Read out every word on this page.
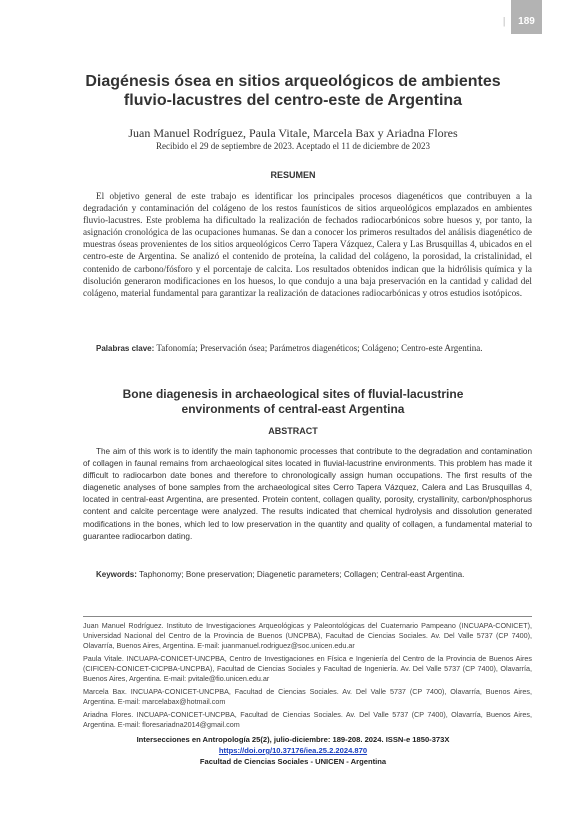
|	189
Diagénesis ósea en sitios arqueológicos de ambientes
fluvio-lacustres del centro-este de Argentina
Juan Manuel Rodríguez, Paula Vitale, Marcela Bax y Ariadna Flores
Recibido el 29 de septiembre de 2023. Aceptado el 11 de diciembre de 2023
RESUMEN

El objetivo general de este trabajo es identificar los principales procesos diagenéticos que contribuyen a la degradación y contaminación del colágeno de los restos faunísticos de sitios arqueológicos emplazados en ambientes fluvio-lacustres. Este problema ha dificultado la realización de fechados radiocarbónicos sobre huesos y, por tanto, la asignación cronológica de las ocupaciones humanas. Se dan a conocer los primeros resultados del análisis diagenético de muestras óseas provenientes de los sitios arqueológicos Cerro Tapera Vázquez, Calera y Las Brusquillas 4, ubicados en el centro-este de Argentina. Se analizó el contenido de proteína, la calidad del colágeno, la porosidad, la cristalinidad, el contenido de carbono/fósforo y el porcentaje de calcita. Los resultados obtenidos indican que la hidrólisis química y la disolución generaron modificaciones en los huesos, lo que condujo a una baja preservación en la cantidad y calidad del colágeno, material fundamental para garantizar la realización de dataciones radiocarbónicas y otros estudios isotópicos.

Palabras clave: Tafonomía; Preservación ósea; Parámetros diagenéticos; Colágeno; Centro-este Argentina.
Bone diagenesis in archaeological sites of fluvial-lacustrine
environments of central-east Argentina
ABSTRACT

The aim of this work is to identify the main taphonomic processes that contribute to the degradation and contamination of collagen in faunal remains from archaeological sites located in fluvial-lacustrine environments. This problem has made it difficult to radiocarbon date bones and therefore to chronologically assign human occupations. The first results of the diagenetic analyses of bone samples from the archaeological sites Cerro Tapera Vázquez, Calera and Las Brusquillas 4, located in central-east Argentina, are presented. Protein content, collagen quality, porosity, crystallinity, carbon/phosphorus content and calcite percentage were analyzed. The results indicated that chemical hydrolysis and dissolution generated modifications in the bones, which led to low preservation in the quantity and quality of collagen, a fundamental material to guarantee radiocarbon dating.

Keywords: Taphonomy; Bone preservation; Diagenetic parameters; Collagen; Central-east Argentina.

Juan Manuel Rodríguez. Instituto de Investigaciones Arqueológicas y Paleontológicas del Cuaternario Pampeano (INCUAPA-CONICET), Universidad Nacional del Centro de la Provincia de Buenos (UNCPBA), Facultad de Ciencias Sociales. Av. Del Valle 5737 (CP 7400), Olavarría, Buenos Aires, Argentina. E-mail: juanmanuel.rodriguez@soc.unicen.edu.ar

Paula Vitale. INCUAPA-CONICET-UNCPBA, Centro de Investigaciones en Física e Ingeniería del Centro de la Provincia de Buenos Aires (CIFICEN-CONICET-CICPBA-UNCPBA), Facultad de Ciencias Sociales y Facultad de Ingeniería. Av. Del Valle 5737 (CP 7400), Olavarría, Buenos Aires, Argentina. E-mail: pvitale@fio.unicen.edu.ar

Marcela Bax. INCUAPA-CONICET-UNCPBA, Facultad de Ciencias Sociales. Av. Del Valle 5737 (CP 7400), Olavarría, Buenos Aires, Argentina. E-mail: marcelabax@hotmail.com

Ariadna Flores. INCUAPA-CONICET-UNCPBA, Facultad de Ciencias Sociales. Av. Del Valle 5737 (CP 7400), Olavarría, Buenos Aires, Argentina. E-mail: floresariadna2014@gmail.com

Intersecciones en Antropología 25(2), julio-diciembre: 189-208. 2024. ISSN-e 1850-373X
https://doi.org/10.37176/iea.25.2.2024.870
Facultad de Ciencias Sociales - UNICEN - Argentina
